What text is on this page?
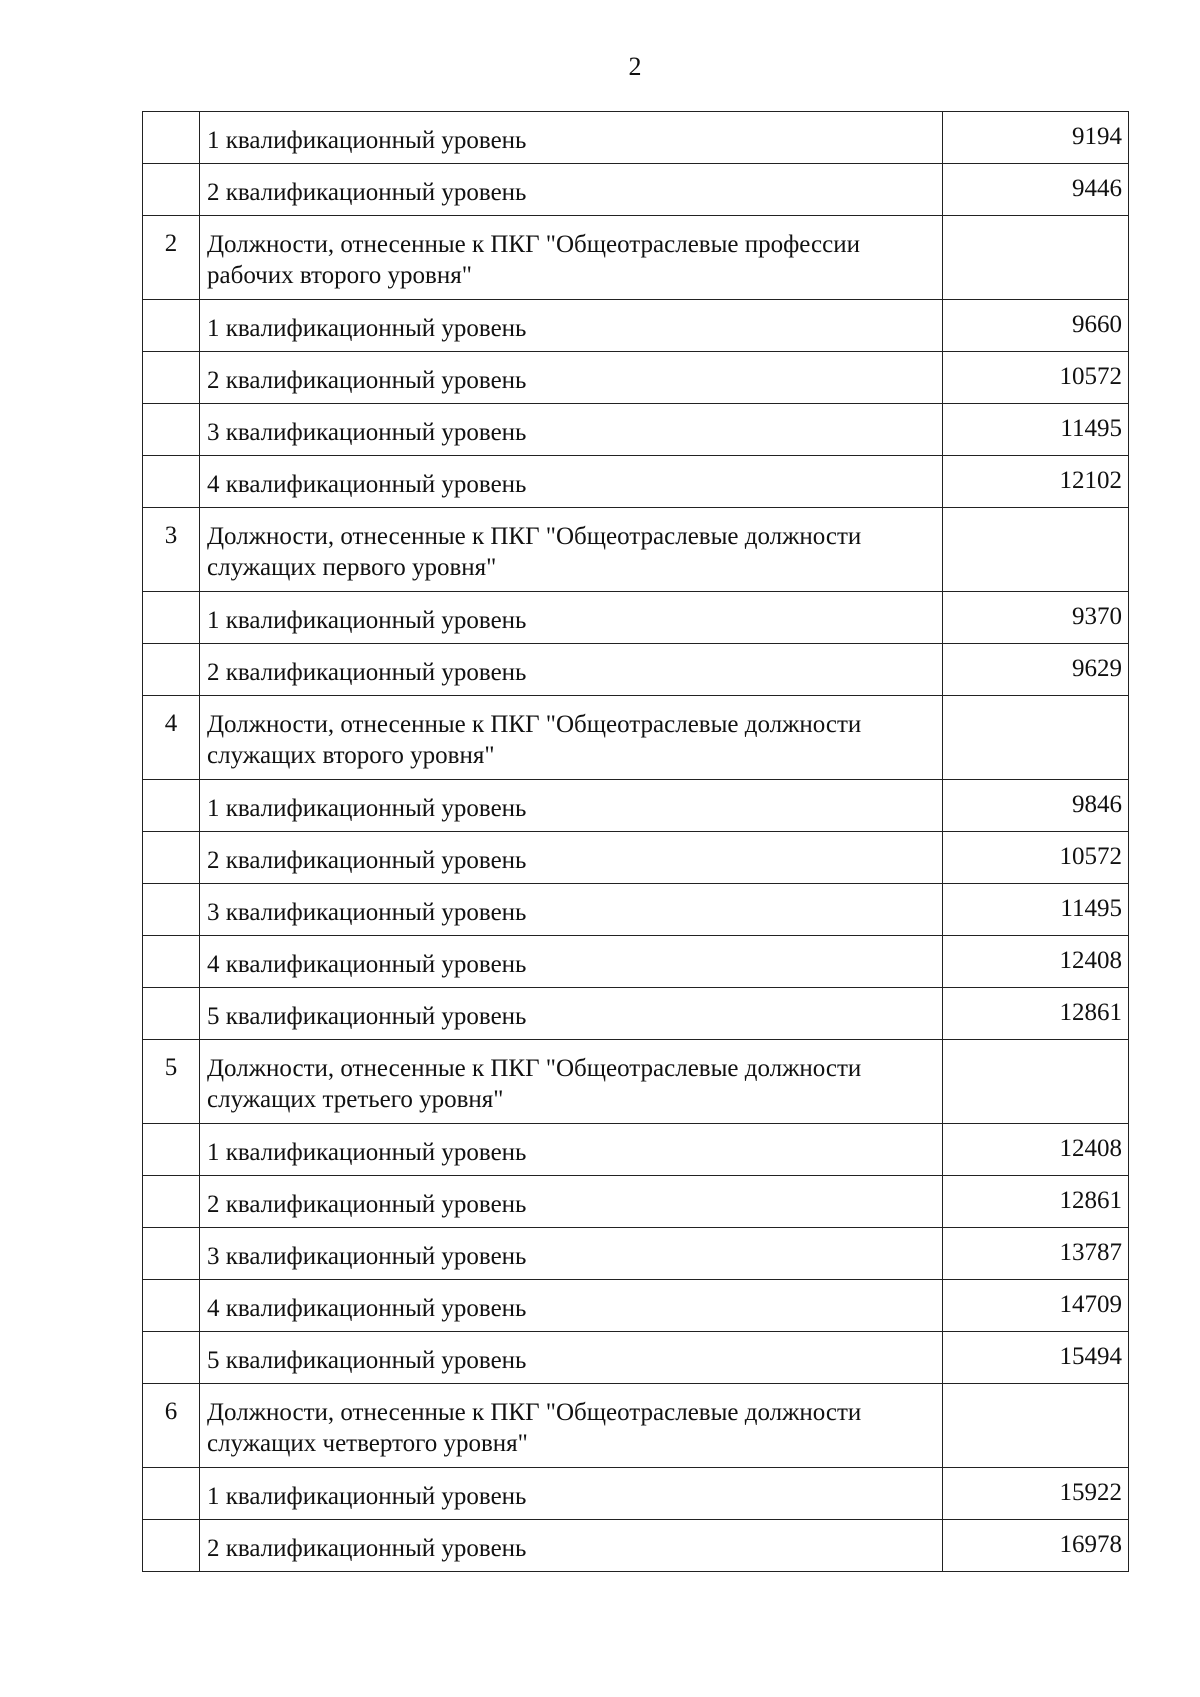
2
	1 квалификационный уровень	9194
	2 квалификационный уровень	9446
2	Должности, отнесенные к ПКГ "Общеотраслевые профессии рабочих второго уровня"	
	1 квалификационный уровень	9660
	2 квалификационный уровень	10572
	3 квалификационный уровень	11495
	4 квалификационный уровень	12102
3	Должности, отнесенные к ПКГ "Общеотраслевые должности служащих первого уровня"	
	1 квалификационный уровень	9370
	2 квалификационный уровень	9629
4	Должности, отнесенные к ПКГ "Общеотраслевые должности служащих второго уровня"	
	1 квалификационный уровень	9846
	2 квалификационный уровень	10572
	3 квалификационный уровень	11495
	4 квалификационный уровень	12408
	5 квалификационный уровень	12861
5	Должности, отнесенные к ПКГ "Общеотраслевые должности служащих третьего уровня"	
	1 квалификационный уровень	12408
	2 квалификационный уровень	12861
	3 квалификационный уровень	13787
	4 квалификационный уровень	14709
	5 квалификационный уровень	15494
6	Должности, отнесенные к ПКГ "Общеотраслевые должности служащих четвертого уровня"	
	1 квалификационный уровень	15922
	2 квалификационный уровень	16978
